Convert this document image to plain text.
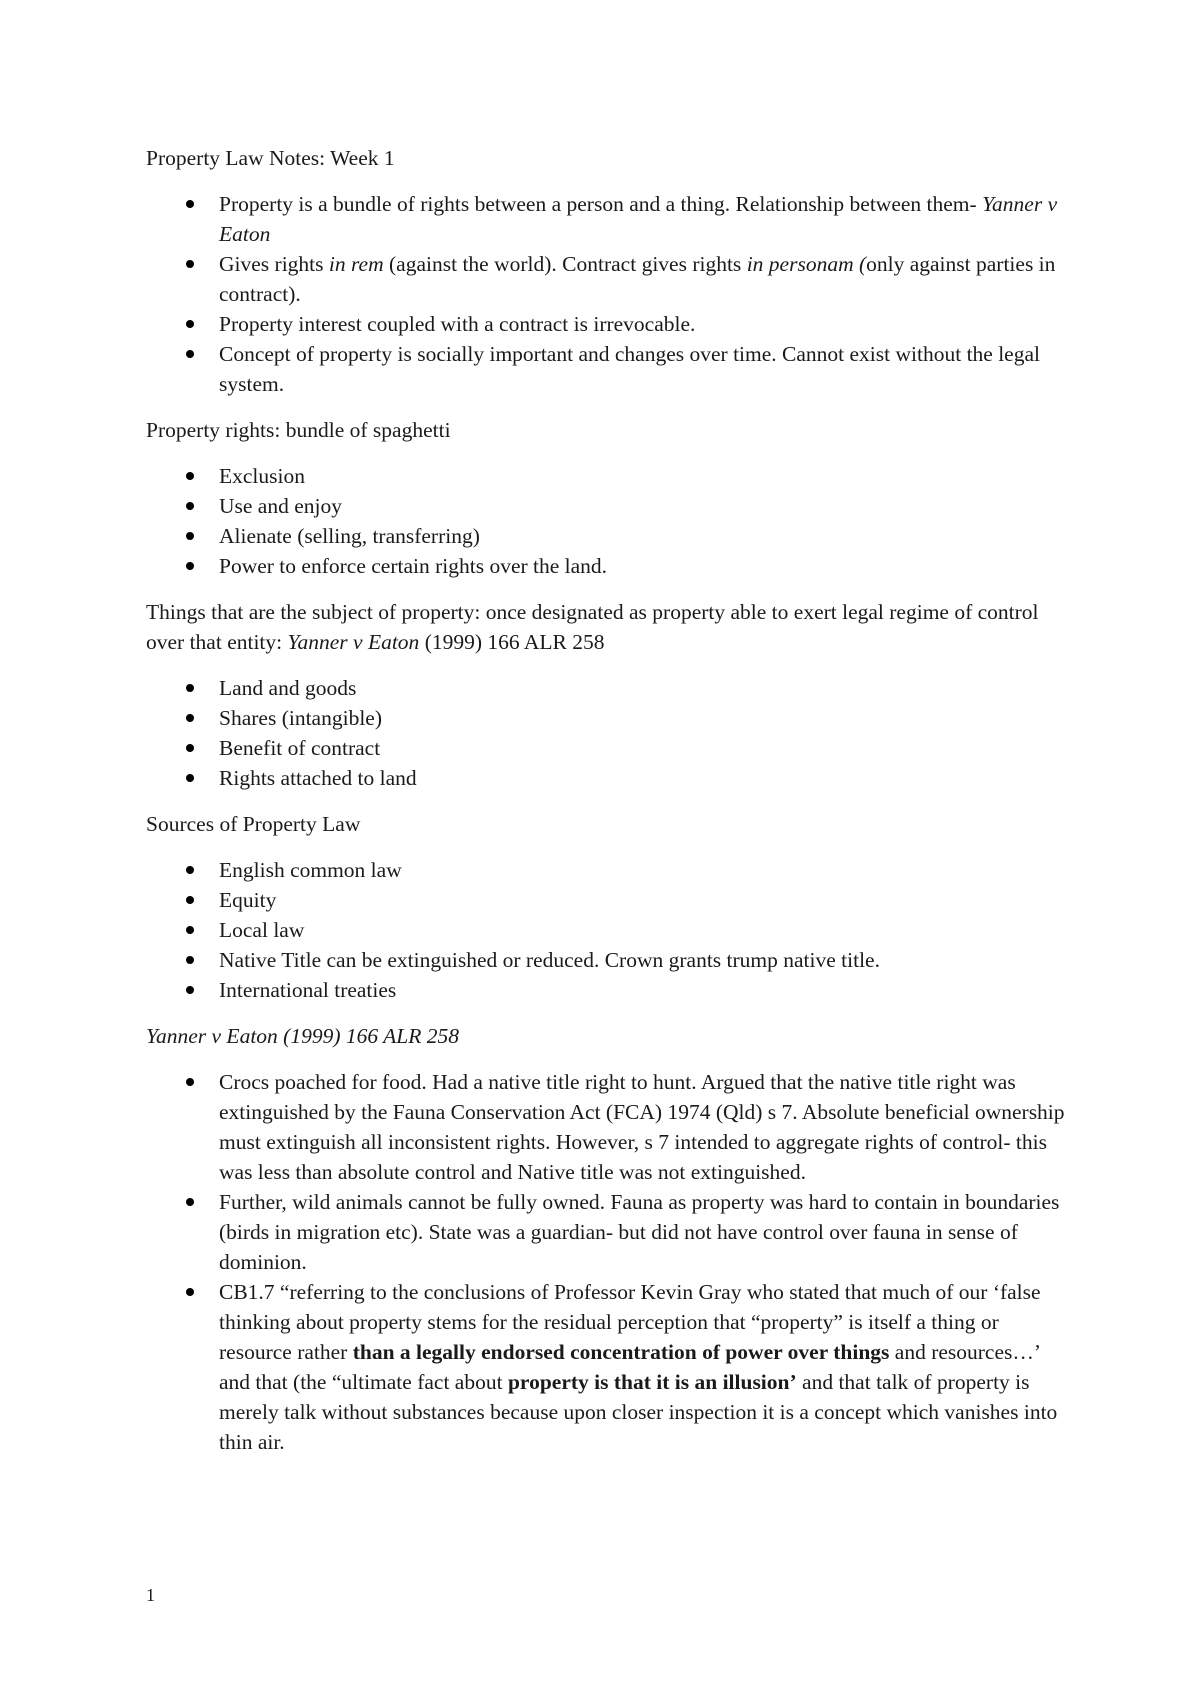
Property Law Notes: Week 1
Property is a bundle of rights between a person and a thing. Relationship between them- Yanner v Eaton
Gives rights in rem (against the world). Contract gives rights in personam (only against parties in contract).
Property interest coupled with a contract is irrevocable.
Concept of property is socially important and changes over time. Cannot exist without the legal system.
Property rights: bundle of spaghetti
Exclusion
Use and enjoy
Alienate (selling, transferring)
Power to enforce certain rights over the land.
Things that are the subject of property: once designated as property able to exert legal regime of control over that entity: Yanner v Eaton (1999) 166 ALR 258
Land and goods
Shares (intangible)
Benefit of contract
Rights attached to land
Sources of Property Law
English common law
Equity
Local law
Native Title can be extinguished or reduced. Crown grants trump native title.
International treaties
Yanner v Eaton (1999) 166 ALR 258
Crocs poached for food. Had a native title right to hunt. Argued that the native title right was extinguished by the Fauna Conservation Act (FCA) 1974 (Qld) s 7. Absolute beneficial ownership must extinguish all inconsistent rights. However, s 7 intended to aggregate rights of control- this was less than absolute control and Native title was not extinguished.
Further, wild animals cannot be fully owned. Fauna as property was hard to contain in boundaries (birds in migration etc). State was a guardian- but did not have control over fauna in sense of dominion.
CB1.7 “referring to the conclusions of Professor Kevin Gray who stated that much of our ‘false thinking about property stems for the residual perception that “property” is itself a thing or resource rather than a legally endorsed concentration of power over things and resources…’ and that (the “ultimate fact about property is that it is an illusion’ and that talk of property is merely talk without substances because upon closer inspection it is a concept which vanishes into thin air.
1
